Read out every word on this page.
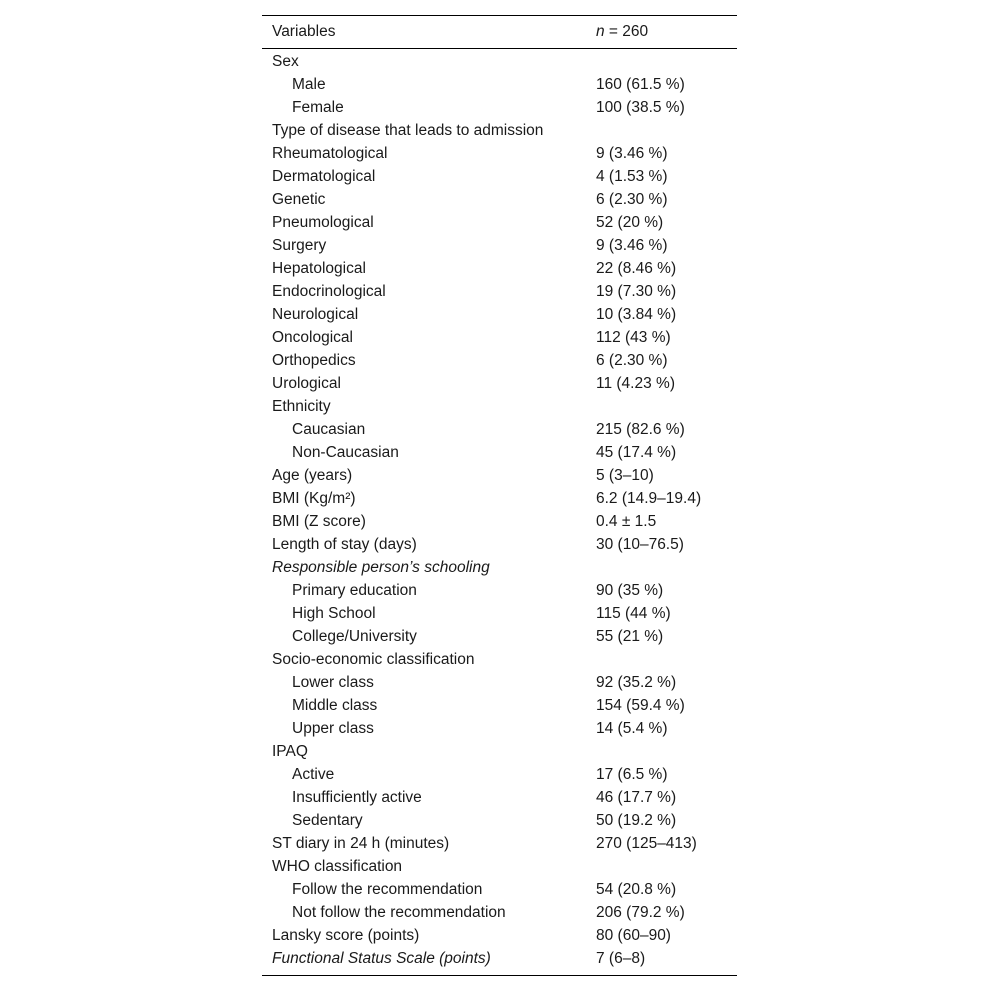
Variables	n = 260
Sex
Male	160 (61.5 %)
Female	100 (38.5 %)
Type of disease that leads to admission
Rheumatological	9 (3.46 %)
Dermatological	4 (1.53 %)
Genetic	6 (2.30 %)
Pneumological	52 (20 %)
Surgery	9 (3.46 %)
Hepatological	22 (8.46 %)
Endocrinological	19 (7.30 %)
Neurological	10 (3.84 %)
Oncological	112 (43 %)
Orthopedics	6 (2.30 %)
Urological	11 (4.23 %)
Ethnicity
Caucasian	215 (82.6 %)
Non-Caucasian	45 (17.4 %)
Age (years)	5 (3–10)
BMI (Kg/m²)	6.2 (14.9–19.4)
BMI (Z score)	0.4 ± 1.5
Length of stay (days)	30 (10–76.5)
Responsible person’s schooling
Primary education	90 (35 %)
High School	115 (44 %)
College/University	55 (21 %)
Socio-economic classification
Lower class	92 (35.2 %)
Middle class	154 (59.4 %)
Upper class	14 (5.4 %)
IPAQ
Active	17 (6.5 %)
Insufficiently active	46 (17.7 %)
Sedentary	50 (19.2 %)
ST diary in 24 h (minutes)	270 (125–413)
WHO classification
Follow the recommendation	54 (20.8 %)
Not follow the recommendation	206 (79.2 %)
Lansky score (points)	80 (60–90)
Functional Status Scale (points)	7 (6–8)
